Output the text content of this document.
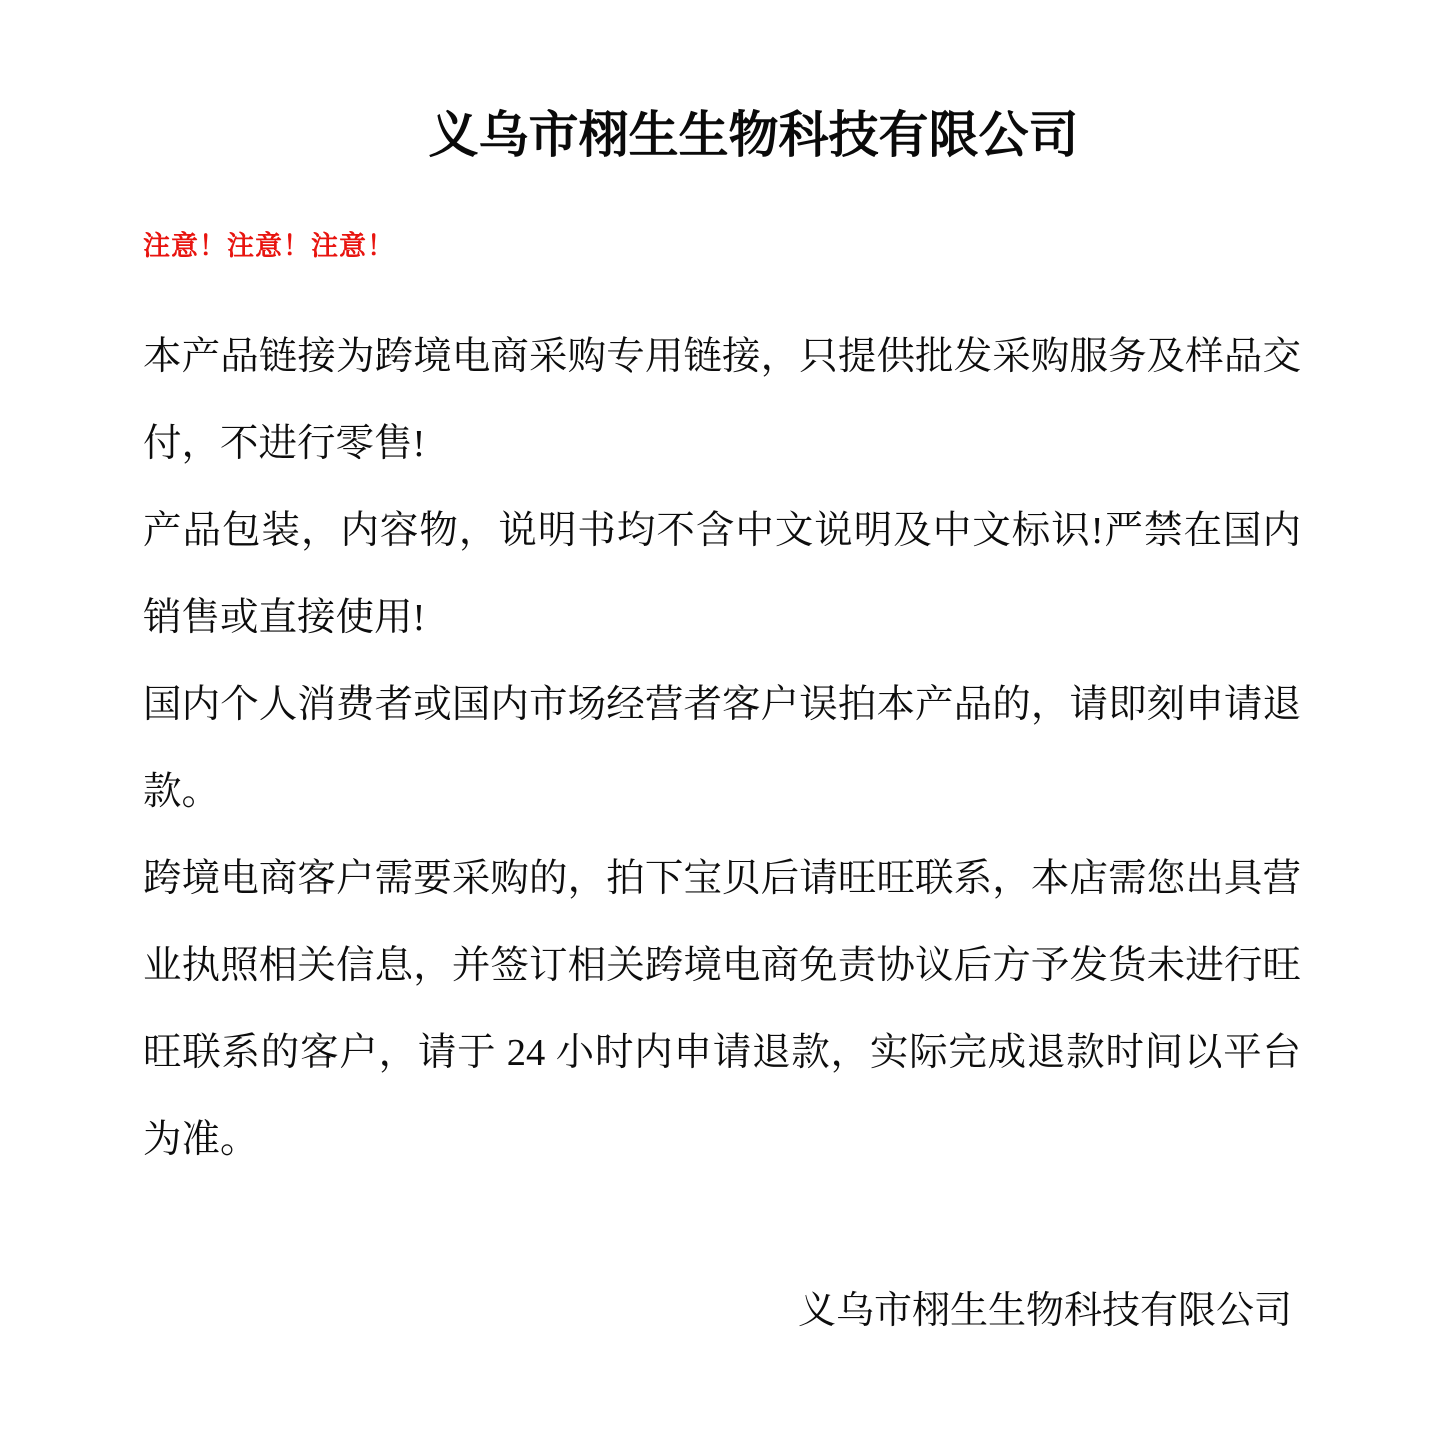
义乌市栩生生物科技有限公司
注意！注意！注意！

本产品链接为跨境电商采购专用链接，只提供批发采购服务及样品交付，不进行零售!

产品包装，内容物，说明书均不含中文说明及中文标识!严禁在国内销售或直接使用!

国内个人消费者或国内市场经营者客户误拍本产品的，请即刻申请退款。

跨境电商客户需要采购的，拍下宝贝后请旺旺联系，本店需您出具营业执照相关信息，并签订相关跨境电商免责协议后方予发货未进行旺旺联系的客户，请于 24 小时内申请退款，实际完成退款时间以平台为准。

义乌市栩生生物科技有限公司
